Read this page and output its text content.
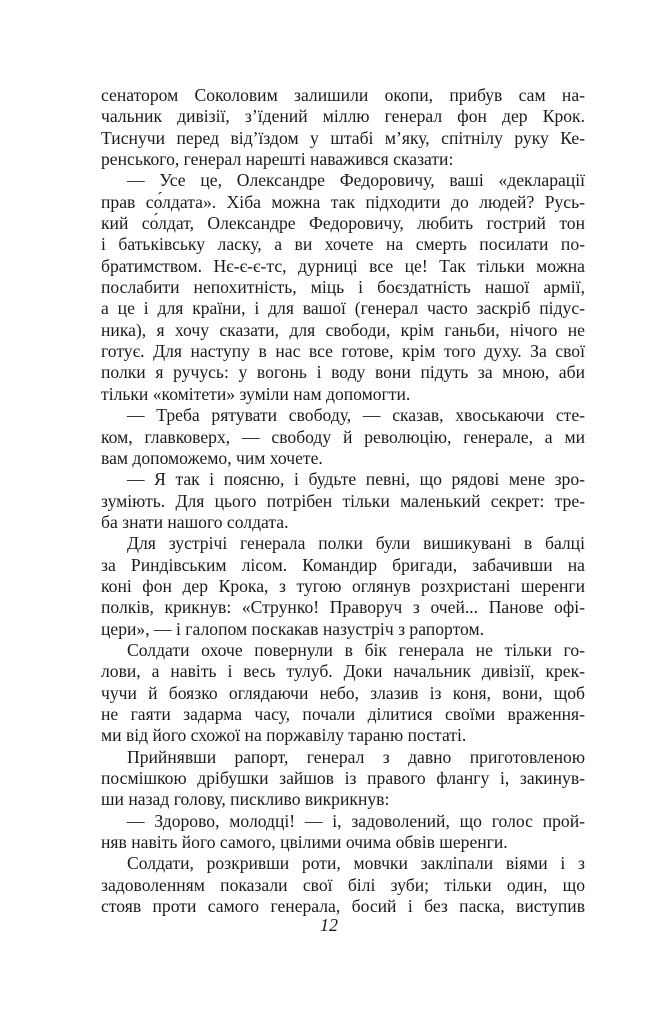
сенатором Соколовим залишили окопи, прибув сам на-
чальник дивізії, з’їдений міллю генерал фон дер Крок.
Тиснучи перед від’їздом у штабі м’яку, спітнілу руку Ке-
ренського, генерал нарешті наважився сказати:
— Усе це, Олександре Федоровичу, ваші «декларації
прав со́лдата». Хіба можна так підходити до людей? Русь-
кий со́лдат, Олександре Федоровичу, любить гострий тон
і батьківську ласку, а ви хочете на смерть посилати по-
братимством. Нє-є-є-тс, дурниці все це! Так тільки можна
послабити непохитність, міць і боєздатність нашої армії,
а це і для країни, і для вашої (генерал часто заскріб підус-
ника), я хочу сказати, для свободи, крім ганьби, нічого не
готує. Для наступу в нас все готове, крім того духу. За свої
полки я ручусь: у вогонь і воду вони підуть за мною, аби
тільки «комітети» зуміли нам допомогти.
— Треба рятувати свободу, — сказав, хвоськаючи сте-
ком, главковерх, — свободу й революцію, генерале, а ми
вам допоможемо, чим хочете.
— Я так і поясню, і будьте певні, що рядові мене зро-
зуміють. Для цього потрібен тільки маленький секрет: тре-
ба знати нашого солдата.
Для зустрічі генерала полки були вишикувані в балці
за Риндівським лісом. Командир бригади, забачивши на
коні фон дер Крока, з тугою оглянув розхристані шеренги
полків, крикнув: «Струнко! Праворуч з очей... Панове офі-
цери», — і галопом поскакав назустріч з рапортом.
Солдати охоче повернули в бік генерала не тільки го-
лови, а навіть і весь тулуб. Доки начальник дивізії, крек-
чучи й боязко оглядаючи небо, злазив із коня, вони, щоб
не гаяти задарма часу, почали ділитися своїми враження-
ми від його схожої на поржавілу тараню постаті.
Прийнявши рапорт, генерал з давно приготовленою
посмішкою дрібушки зайшов із правого флангу і, закинув-
ши назад голову, пискливо викрикнув:
— Здорово, молодці! — і, задоволений, що голос прой-
няв навіть його самого, цвілими очима обвів шеренги.
Солдати, розкривши роти, мовчки закліпали віями і з
задоволенням показали свої білі зуби; тільки один, що
стояв проти самого генерала, босий і без паска, виступив
12
